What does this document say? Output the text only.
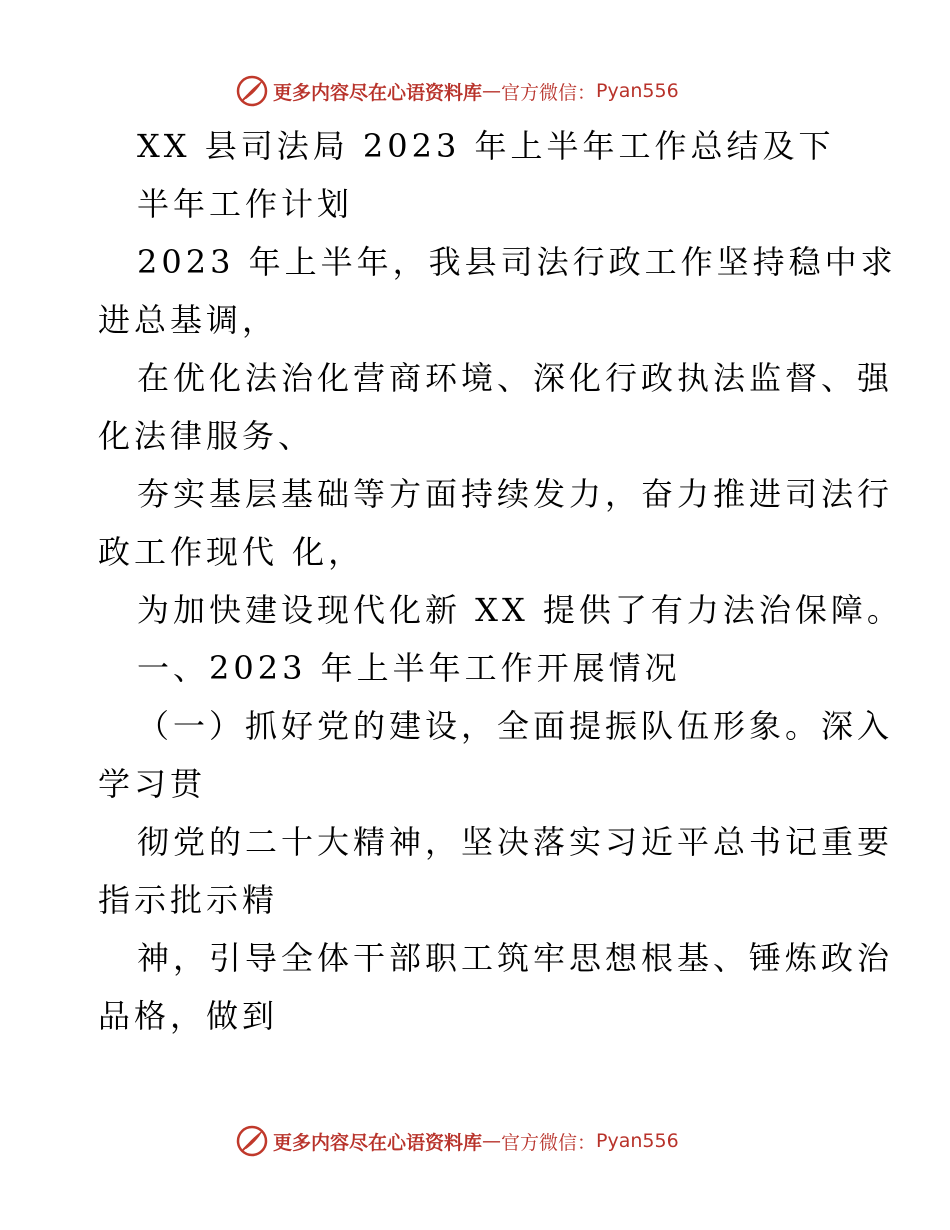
更多内容尽在心语资料库 — 官方微信： Pyan556
XX 县司法局 2023 年上半年工作总结及下
半年工作计划
2023 年上半年，我县司法行政工作坚持稳中求
进总基调，
在优化法治化营商环境、深化行政执法监督、强
化法律服务、
夯实基层基础等方面持续发力，奋力推进司法行
政工作现代 化，
为加快建设现代化新 XX 提供了有力法治保障。
一、2023 年上半年工作开展情况
（一）抓好党的建设，全面提振队伍形象。深入
学习贯
彻党的二十大精神，坚决落实习近平总书记重要
指示批示精
神，引导全体干部职工筑牢思想根基、锤炼政治
品格，做到
更多内容尽在心语资料库 — 官方微信： Pyan556
